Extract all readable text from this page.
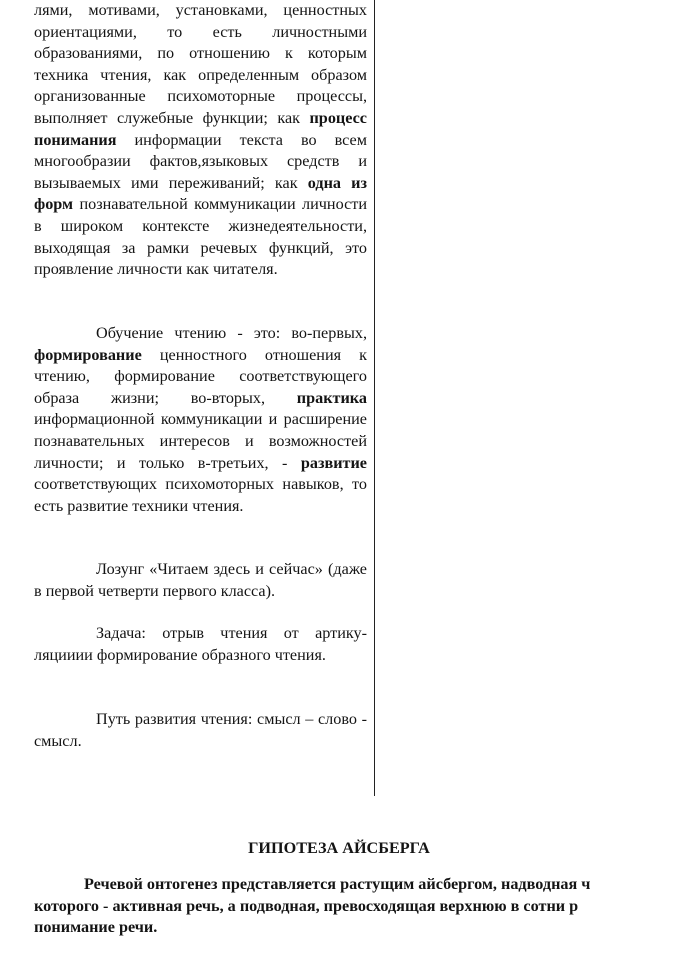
лями, мотивами, установками, ценностных ориентациями, то есть личностными образованиями, по отношению к которым техника чтения, как определенным образом организованные психомоторные процессы, выполняет служебные функции; как процесс понимания информации текста во всем многообразии фактов,языковых средств и вызываемых ими переживаний; как одна из форм познавательной коммуникации личности в широком контексте жизнедеятельности, выходящая за рамки речевых функций, это проявление личности как читателя.

Обучение чтению - это: во-первых, формирование ценностного отношения к чтению, формирование соответствующего образа жизни; во-вторых, практика информационной коммуникации и расширение познавательных интересов и возможностей личности; и только в-третьих, - развитие соответствующих психомоторных навыков, то есть развитие техники чтения.

Лозунг «Читаем здесь и сейчас» (даже в первой четверти первого класса).

Задача: отрыв чтения от артикуляцииии формирование образного чтения.

Путь развития чтения: смысл – слово - смысл.

ГИПОТЕЗА АЙСБЕРГА
Речевой онтогенез представляется растущим айсбергом, надводная ч
которого - активная речь, а подводная, превосходящая верхнюю в сотни р
понимание речи.
